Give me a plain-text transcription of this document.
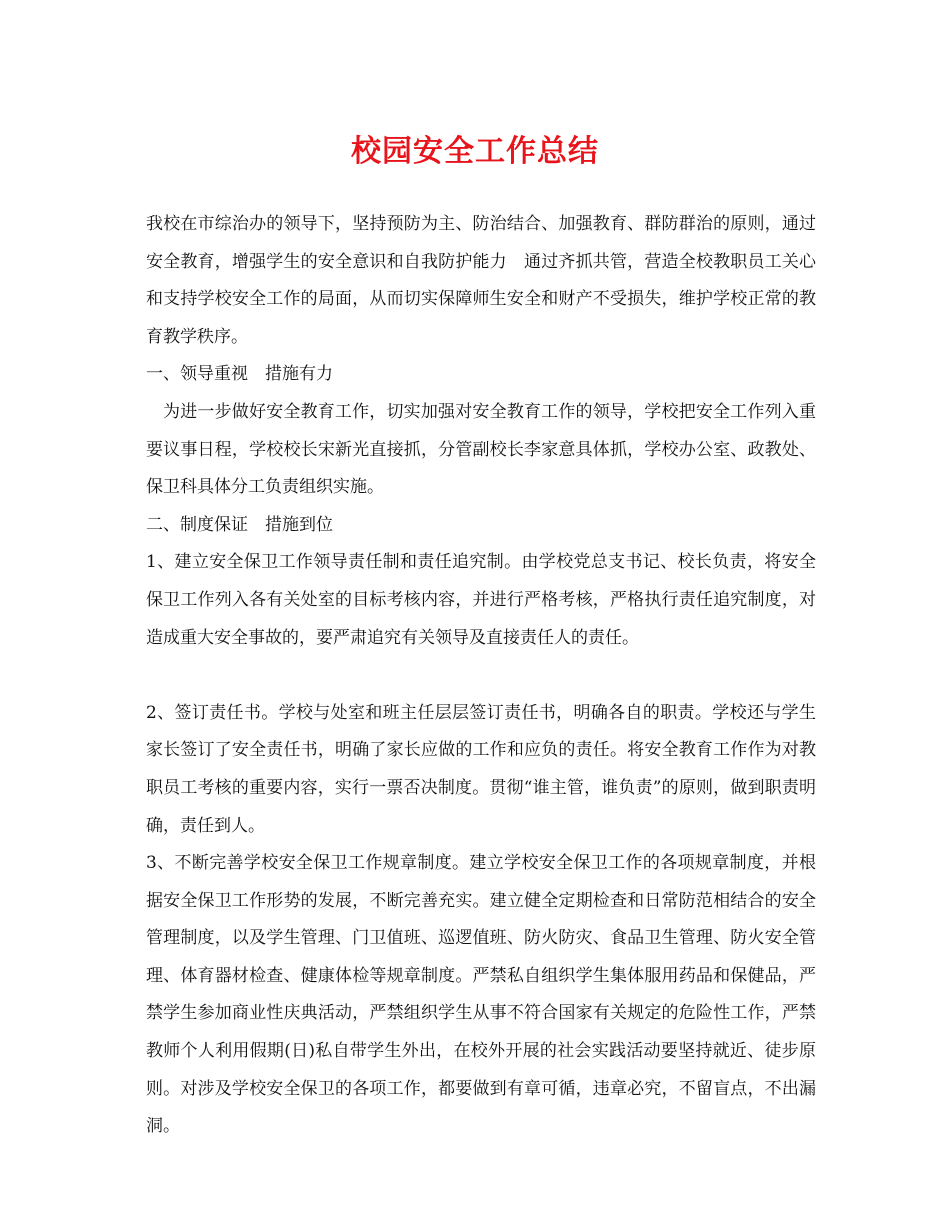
校园安全工作总结

我校在市综治办的领导下，坚持预防为主、防治结合、加强教育、群防群治的原则，通过安全教育，增强学生的安全意识和自我防护能力　通过齐抓共管，营造全校教职员工关心和支持学校安全工作的局面，从而切实保障师生安全和财产不受损失，维护学校正常的教育教学秩序。

一、领导重视　措施有力

为进一步做好安全教育工作，切实加强对安全教育工作的领导，学校把安全工作列入重要议事日程，学校校长宋新光直接抓，分管副校长李家意具体抓，学校办公室、政教处、保卫科具体分工负责组织实施。

二、制度保证　措施到位

1、建立安全保卫工作领导责任制和责任追究制。由学校党总支书记、校长负责，将安全保卫工作列入各有关处室的目标考核内容，并进行严格考核，严格执行责任追究制度，对造成重大安全事故的，要严肃追究有关领导及直接责任人的责任。

2、签订责任书。学校与处室和班主任层层签订责任书，明确各自的职责。学校还与学生家长签订了安全责任书，明确了家长应做的工作和应负的责任。将安全教育工作作为对教职员工考核的重要内容，实行一票否决制度。贯彻“谁主管，谁负责”的原则，做到职责明确，责任到人。

3、不断完善学校安全保卫工作规章制度。建立学校安全保卫工作的各项规章制度，并根据安全保卫工作形势的发展，不断完善充实。建立健全定期检查和日常防范相结合的安全管理制度，以及学生管理、门卫值班、巡逻值班、防火防灾、食品卫生管理、防火安全管理、体育器材检查、健康体检等规章制度。严禁私自组织学生集体服用药品和保健品，严禁学生参加商业性庆典活动，严禁组织学生从事不符合国家有关规定的危险性工作，严禁教师个人利用假期(日)私自带学生外出，在校外开展的社会实践活动要坚持就近、徒步原则。对涉及学校安全保卫的各项工作，都要做到有章可循，违章必究，不留盲点，不出漏洞。
